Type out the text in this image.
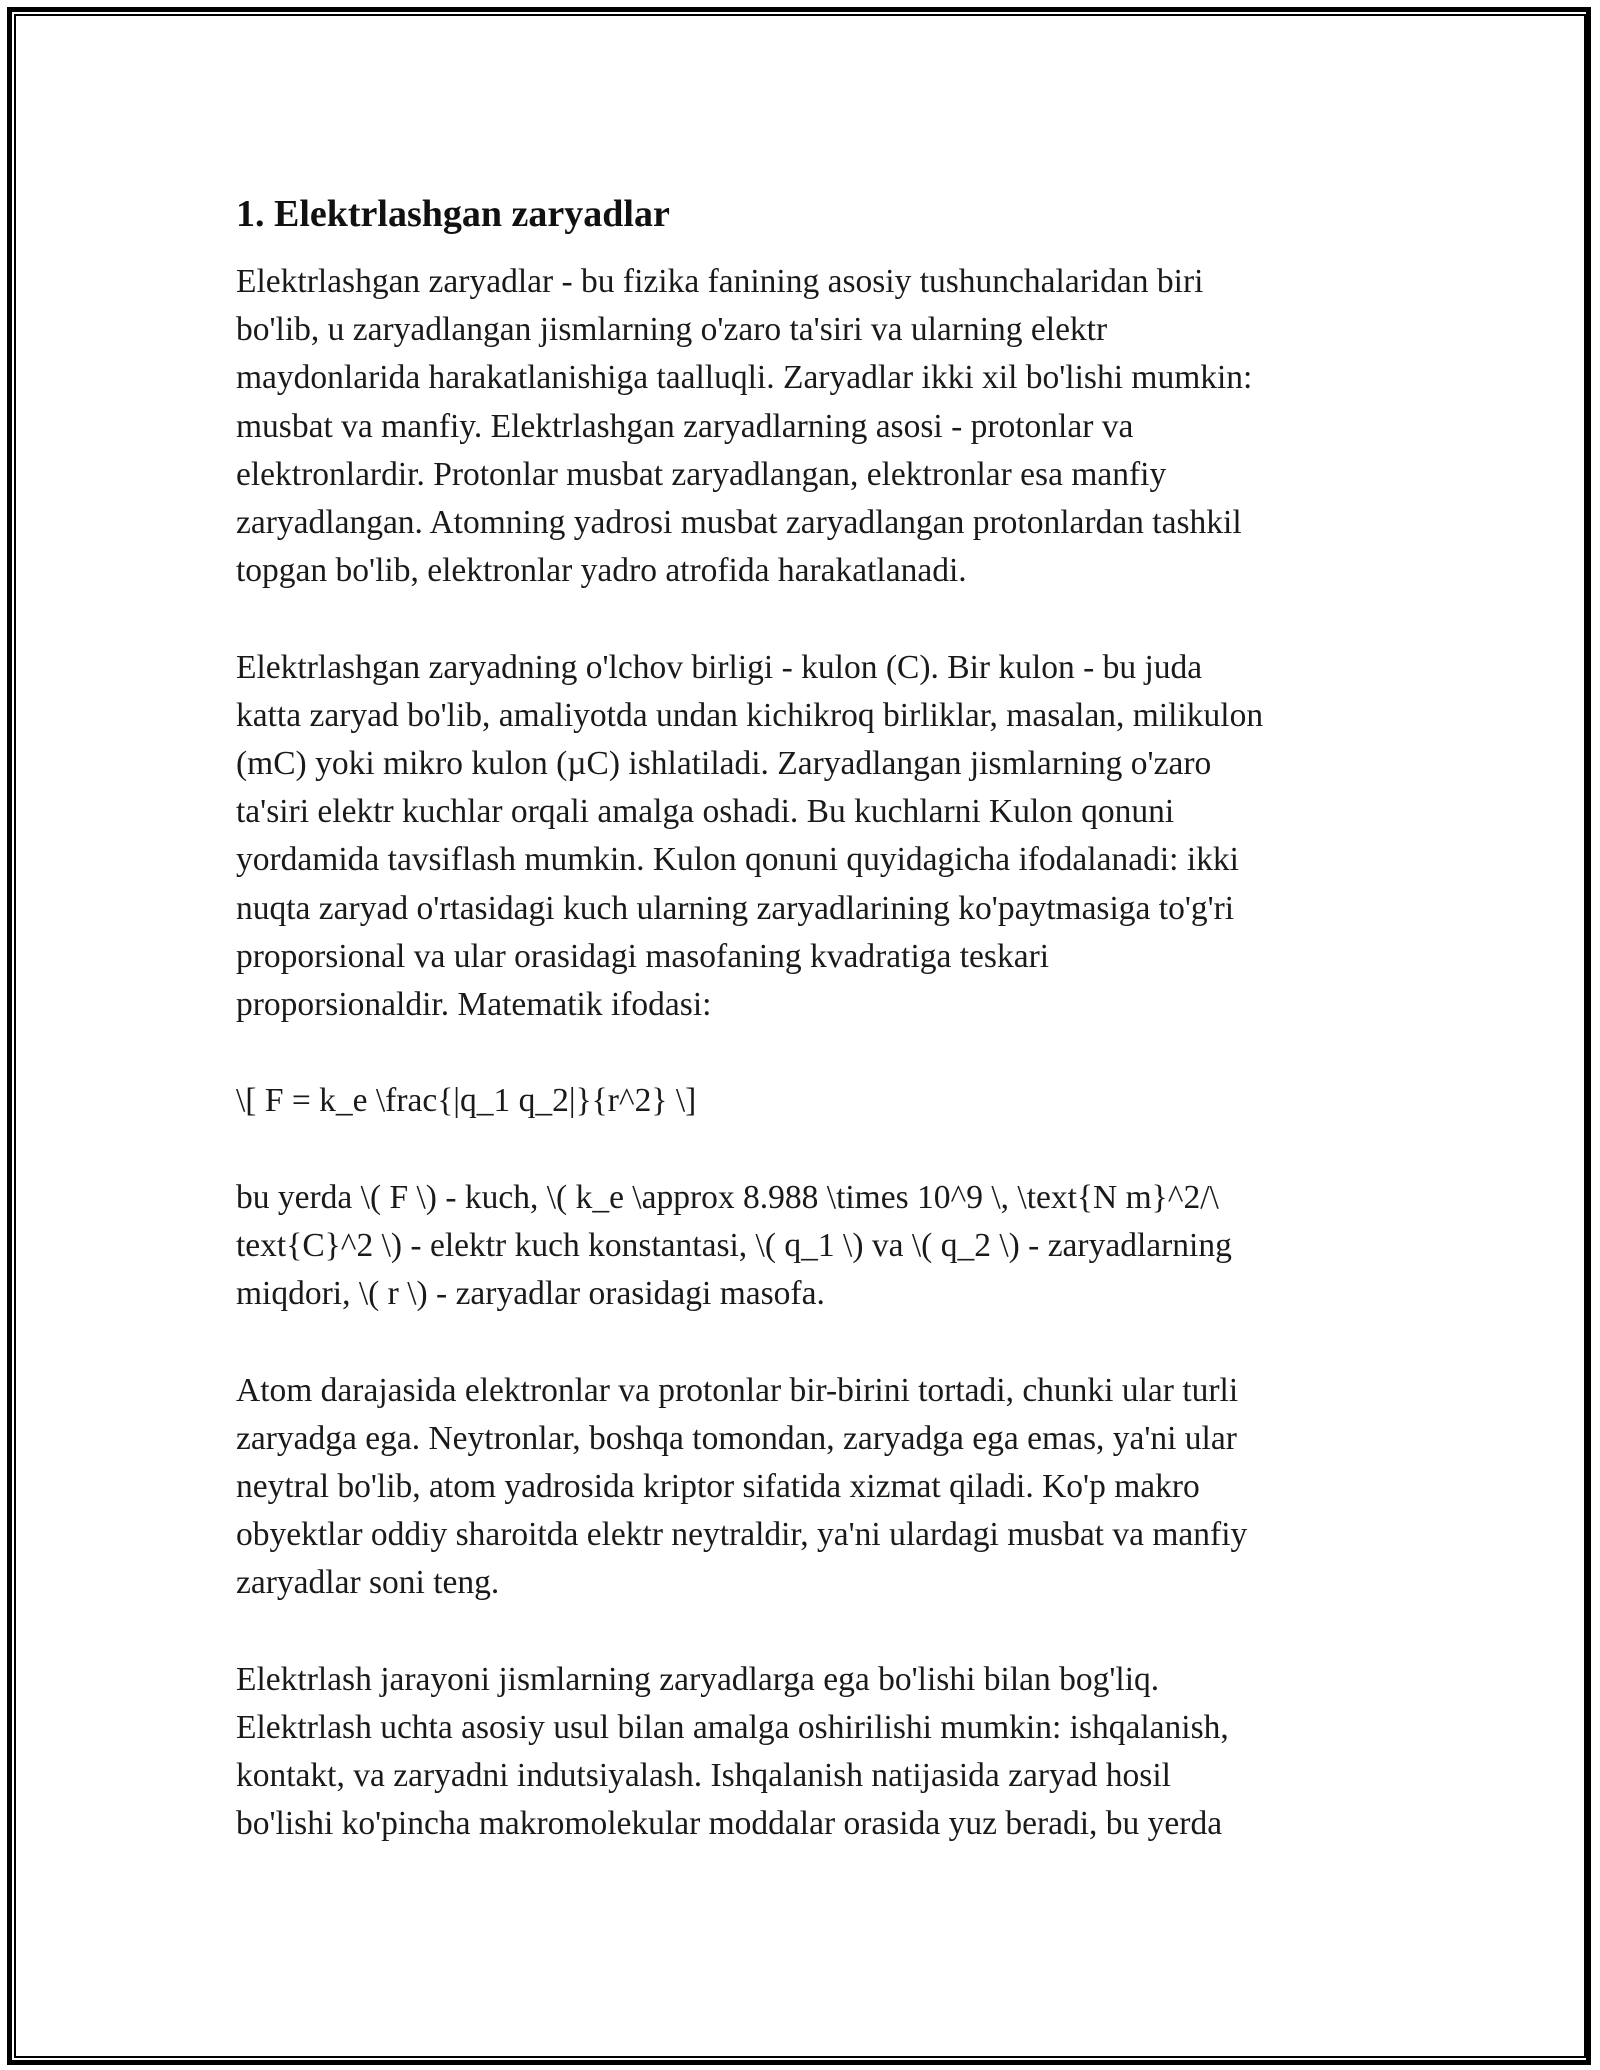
1. Elektrlashgan zaryadlar

Elektrlashgan zaryadlar - bu fizika fanining asosiy tushunchalaridan biri
bo'lib, u zaryadlangan jismlarning o'zaro ta'siri va ularning elektr
maydonlarida harakatlanishiga taalluqli. Zaryadlar ikki xil bo'lishi mumkin:
musbat va manfiy. Elektrlashgan zaryadlarning asosi - protonlar va
elektronlardir. Protonlar musbat zaryadlangan, elektronlar esa manfiy
zaryadlangan. Atomning yadrosi musbat zaryadlangan protonlardan tashkil
topgan bo'lib, elektronlar yadro atrofida harakatlanadi.

Elektrlashgan zaryadning o'lchov birligi - kulon (C). Bir kulon - bu juda
katta zaryad bo'lib, amaliyotda undan kichikroq birliklar, masalan, milikulon
(mC) yoki mikro kulon (µC) ishlatiladi. Zaryadlangan jismlarning o'zaro
ta'siri elektr kuchlar orqali amalga oshadi. Bu kuchlarni Kulon qonuni
yordamida tavsiflash mumkin. Kulon qonuni quyidagicha ifodalanadi: ikki
nuqta zaryad o'rtasidagi kuch ularning zaryadlarining ko'paytmasiga to'g'ri
proporsional va ular orasidagi masofaning kvadratiga teskari
proporsionaldir. Matematik ifodasi:

\[ F = k_e \frac{|q_1 q_2|}{r^2} \]

bu yerda \( F \) - kuch, \( k_e \approx 8.988 \times 10^9 \, \text{N m}^2/\
text{C}^2 \) - elektr kuch konstantasi, \( q_1 \) va \( q_2 \) - zaryadlarning
miqdori, \( r \) - zaryadlar orasidagi masofa.

Atom darajasida elektronlar va protonlar bir-birini tortadi, chunki ular turli
zaryadga ega. Neytronlar, boshqa tomondan, zaryadga ega emas, ya'ni ular
neytral bo'lib, atom yadrosida kriptor sifatida xizmat qiladi. Ko'p makro
obyektlar oddiy sharoitda elektr neytraldir, ya'ni ulardagi musbat va manfiy
zaryadlar soni teng.

Elektrlash jarayoni jismlarning zaryadlarga ega bo'lishi bilan bog'liq.
Elektrlash uchta asosiy usul bilan amalga oshirilishi mumkin: ishqalanish,
kontakt, va zaryadni indutsiyalash. Ishqalanish natijasida zaryad hosil
bo'lishi ko'pincha makromolekular moddalar orasida yuz beradi, bu yerda
